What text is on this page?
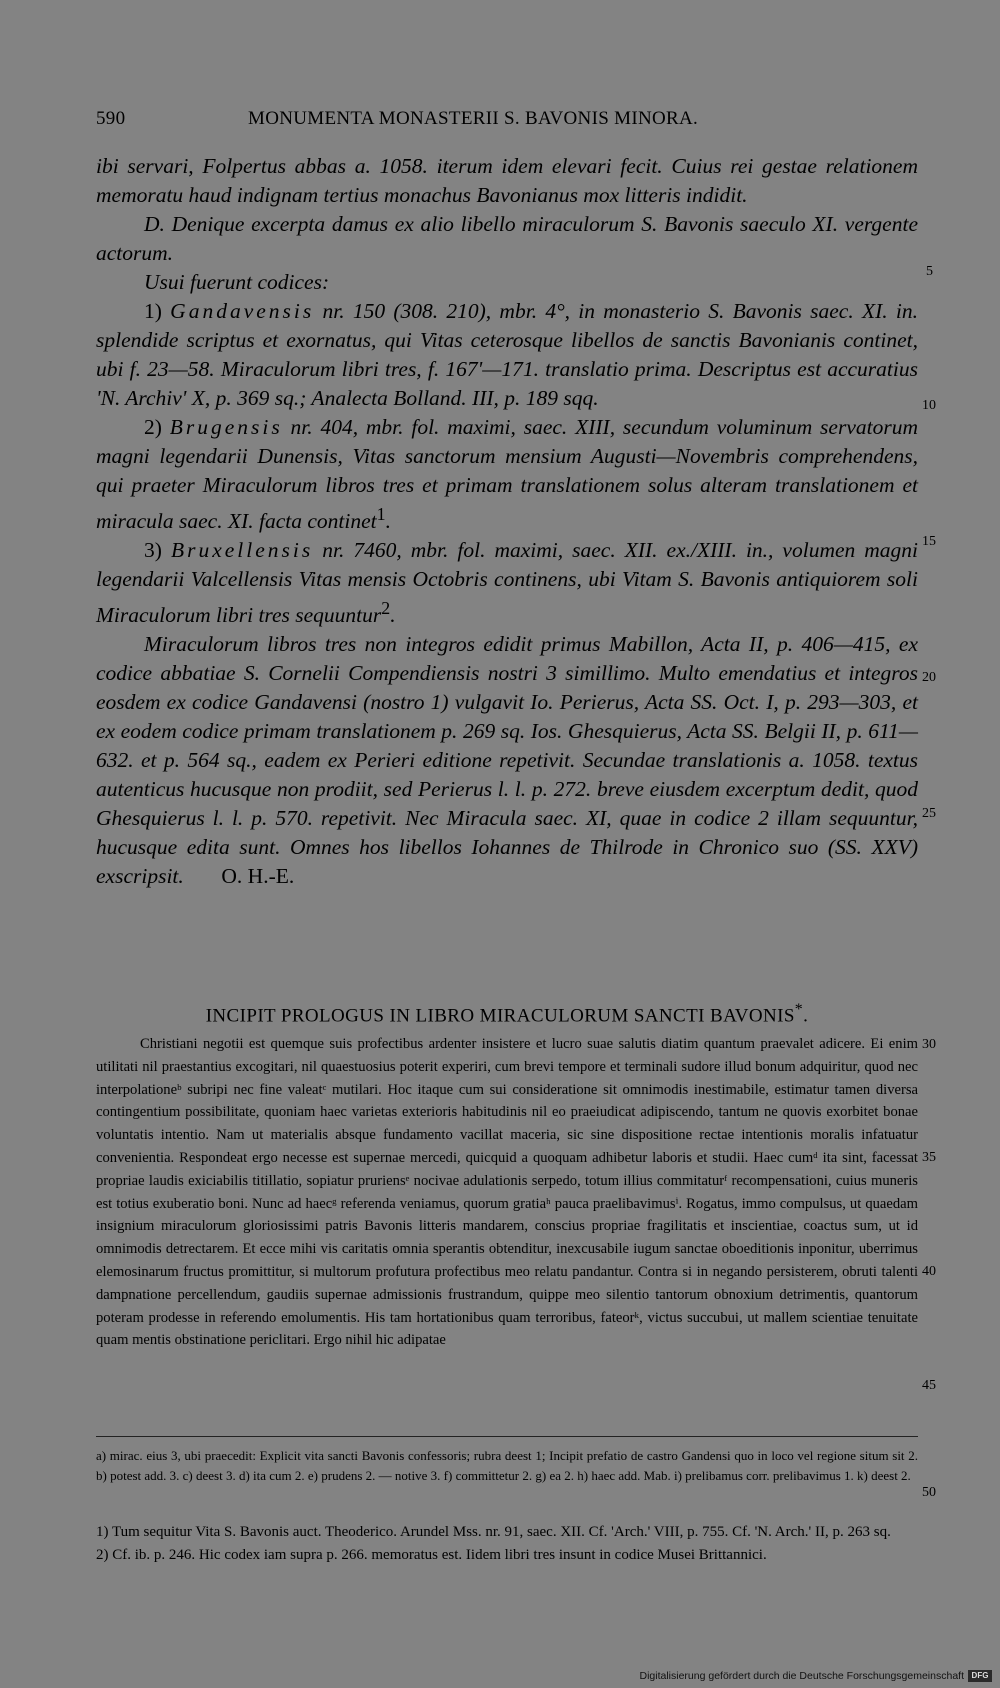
590	MONUMENTA MONASTERII S. BAVONIS MINORA.

ibi servari, Folpertus abbas a. 1058. iterum idem elevari fecit. Cuius rei gestae relationem memoratu haud indignam tertius monachus Bavonianus mox litteris indidit.

D. Denique excerpta damus ex alio libello miraculorum S. Bavonis saeculo XI. vergente actorum.

Usui fuerunt codices:

1) Gandavensis nr. 150 (308. 210), mbr. 4°, in monasterio S. Bavonis saec. XI. in. splendide scriptus et exornatus, qui Vitas ceterosque libellos de sanctis Bavonianis continet, ubi f. 23—58. Miraculorum libri tres, f. 167'—171. translatio prima. Descriptus est accuratius 'N. Archiv' X, p. 369 sq.; Analecta Bolland. III, p. 189 sqq.

2) Brugensis nr. 404, mbr. fol. maximi, saec. XIII, secundum voluminum servatorum magni legendarii Dunensis, Vitas sanctorum mensium Augusti—Novembris comprehendens, qui praeter Miraculorum libros tres et primam translationem solus alteram translationem et miracula saec. XI. facta continet$^1$.

3) Bruxellensis nr. 7460, mbr. fol. maximi, saec. XII. ex./XIII. in., volumen magni legendarii Valcellensis Vitas mensis Octobris continens, ubi Vitam S. Bavonis antiquiorem soli Miraculorum libri tres sequuntur$^2$.

Miraculorum libros tres non integros edidit primus Mabillon, Acta II, p. 406—415, ex codice abbatiae S. Cornelii Compendiensis nostri 3 simillimo. Multo emendatius et integros eosdem ex codice Gandavensi (nostro 1) vulgavit Io. Perierus, Acta SS. Oct. I, p. 293—303, et ex eodem codice primam translationem p. 269 sq. Ios. Ghesquierus, Acta SS. Belgii II, p. 611—632. et p. 564 sq., eadem ex Perieri editione repetivit. Secundae translationis a. 1058. textus autenticus hucusque non prodiit, sed Perierus l. l. p. 272. breve eiusdem excerptum dedit, quod Ghesquierus l. l. p. 570. repetivit. Nec Miracula saec. XI, quae in codice 2 illam sequuntur, hucusque edita sunt. Omnes hos libellos Iohannes de Thilrode in Chronico suo (SS. XXV) exscripsit. O. H.-E.

5
10
15
20
25
30
35
40
45
50
INCIPIT PROLOGUS IN LIBRO MIRACULORUM SANCTI BAVONIS*.

Christiani negotii est quemque suis profectibus ardenter insistere et lucro suae salutis diatim quantum praevalet adicere. Ei enim utilitati nil praestantius excogitari, nil quaestuosius poterit experiri, cum brevi tempore et terminali sudore illud bonum adquiritur, quod nec interpolationeᵇ subripi nec fine valeatᶜ mutilari. Hoc itaque cum sui consideratione sit omnimodis inestimabile, estimatur tamen diversa contingentium possibilitate, quoniam haec varietas exterioris habitudinis nil eo praeiudicat adipiscendo, tantum ne quovis exorbitet bonae voluntatis intentio. Nam ut materialis absque fundamento vacillat maceria, sic sine dispositione rectae intentionis moralis infatuatur convenientia. Respondeat ergo necesse est supernae mercedi, quicquid a quoquam adhibetur laboris et studii. Haec cumᵈ ita sint, facessat propriae laudis exiciabilis titillatio, sopiatur pruriensᵉ nocivae adulationis serpedo, totum illius commitaturᶠ recompensationi, cuius muneris est totius exuberatio boni. Nunc ad haecᵍ referenda veniamus, quorum gratiaʰ pauca praelibavimusⁱ. Rogatus, immo compulsus, ut quaedam insignium miraculorum gloriosissimi patris Bavonis litteris mandarem, conscius propriae fragilitatis et inscientiae, coactus sum, ut id omnimodis detrectarem. Et ecce mihi vis caritatis omnia sperantis obtenditur, inexcusabile iugum sanctae oboeditionis inponitur, uberrimus elemosinarum fructus promittitur, si multorum profutura profectibus meo relatu pandantur. Contra si in negando persisterem, obruti talenti dampnatione percellendum, gaudiis supernae admissionis frustrandum, quippe meo silentio tantorum obnoxium detrimentis, quantorum poteram prodesse in referendo emolumentis. His tam hortationibus quam terroribus, fateorᵏ, victus succubui, ut mallem scientiae tenuitate quam mentis obstinatione periclitari. Ergo nihil hic adipatae

a) mirac. eius 3, ubi praecedit: Explicit vita sancti Bavonis confessoris; rubra deest 1; Incipit prefatio de castro Gandensi quo in loco vel regione situm sit 2. b) potest add. 3. c) deest 3. d) ita cum 2. e) prudens 2. — notive 3. f) committetur 2. g) ea 2. h) haec add. Mab. i) prelibamus corr. prelibavimus 1. k) deest 2.

1) Tum sequitur Vita S. Bavonis auct. Theoderico. Arundel Mss. nr. 91, saec. XII. Cf. 'Arch.' VIII, p. 755. Cf. 'N. Arch.' II, p. 263 sq.

2) Cf. ib. p. 246. Hic codex iam supra p. 266. memoratus est. Iidem libri tres insunt in codice Musei Brittannici.

Digitalisierung gefördert durch die Deutsche Forschungsgemeinschaft DFG
